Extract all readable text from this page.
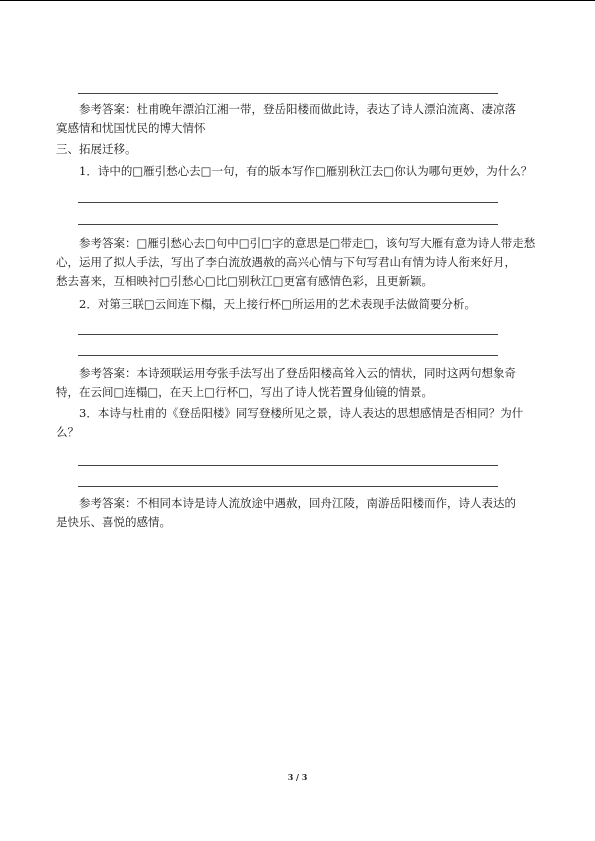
　　参考答案：杜甫晚年漂泊江湘一带，登岳阳楼而做此诗，表达了诗人漂泊流离、凄凉落
寞感情和忧国忧民的博大情怀

三、拓展迁移。

　　1．诗中的□雁引愁心去□一句，有的版本写作□雁别秋江去□你认为哪句更妙，为什么？

　　参考答案：□雁引愁心去□句中□引□字的意思是□带走□，该句写大雁有意为诗人带走愁
心，运用了拟人手法，写出了李白流放遇赦的高兴心情与下句写君山有情为诗人衔来好月，
愁去喜来，互相映衬□引愁心□比□别秋江□更富有感情色彩，且更新颖。

　　2．对第三联□云间连下榻，天上接行杯□所运用的艺术表现手法做简要分析。

　　参考答案：本诗颈联运用夸张手法写出了登岳阳楼高耸入云的情状，同时这两句想象奇
特，在云间□连榻□，在天上□行杯□，写出了诗人恍若置身仙镜的情景。

　　3．本诗与杜甫的《登岳阳楼》同写登楼所见之景，诗人表达的思想感情是否相同？为什
么？

　　参考答案：不相同本诗是诗人流放途中遇赦，回舟江陵，南游岳阳楼而作，诗人表达的
是快乐、喜悦的感情。

3 / 3
